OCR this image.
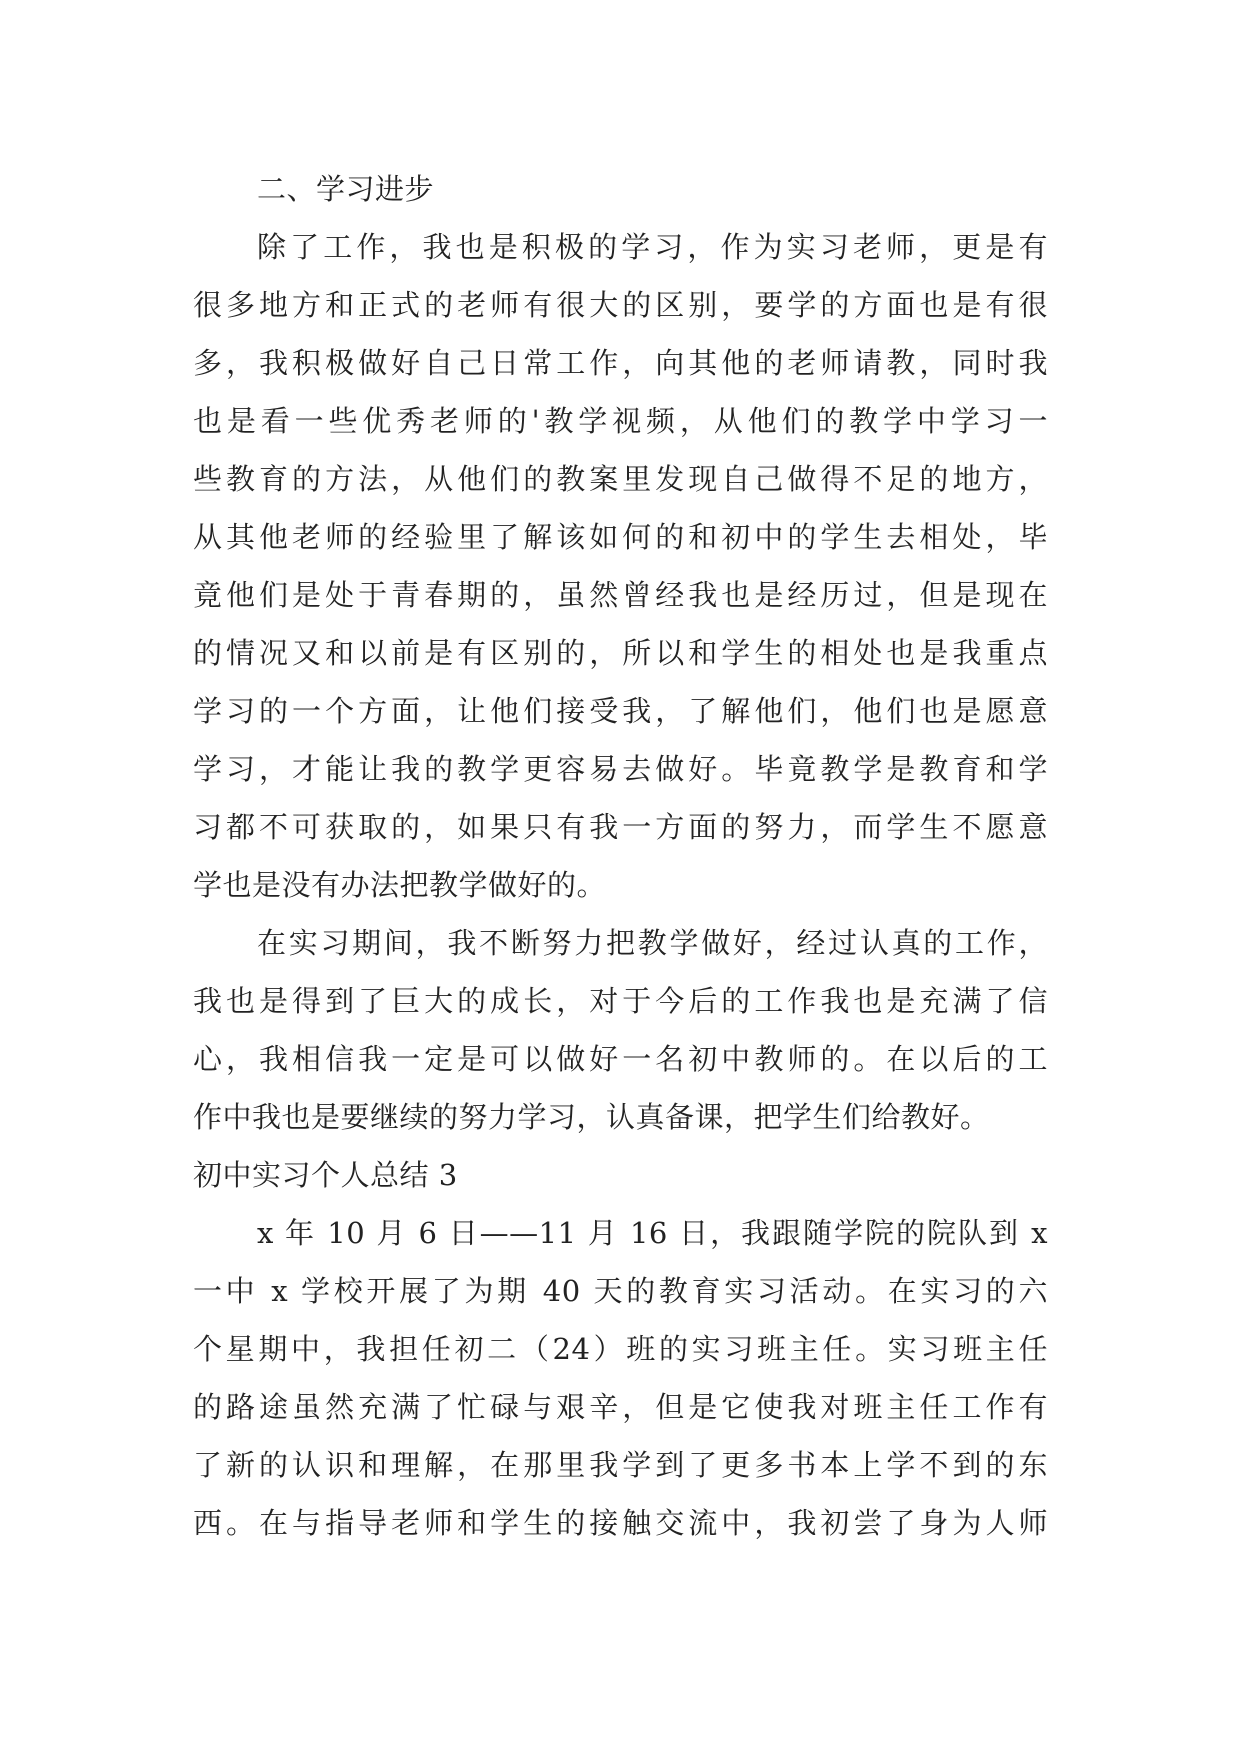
二、学习进步
除了工作，我也是积极的学习，作为实习老师，更是有
很多地方和正式的老师有很大的区别，要学的方面也是有很
多，我积极做好自己日常工作，向其他的老师请教，同时我
也是看一些优秀老师的'教学视频，从他们的教学中学习一
些教育的方法，从他们的教案里发现自己做得不足的地方，
从其他老师的经验里了解该如何的和初中的学生去相处，毕
竟他们是处于青春期的，虽然曾经我也是经历过，但是现在
的情况又和以前是有区别的，所以和学生的相处也是我重点
学习的一个方面，让他们接受我，了解他们，他们也是愿意
学习，才能让我的教学更容易去做好。毕竟教学是教育和学
习都不可获取的，如果只有我一方面的努力，而学生不愿意
学也是没有办法把教学做好的。
在实习期间，我不断努力把教学做好，经过认真的工作，
我也是得到了巨大的成长，对于今后的工作我也是充满了信
心，我相信我一定是可以做好一名初中教师的。在以后的工
作中我也是要继续的努力学习，认真备课，把学生们给教好。
初中实习个人总结 3
x 年 10 月 6 日——11 月 16 日，我跟随学院的院队到 x
一中 x 学校开展了为期 40 天的教育实习活动。在实习的六
个星期中，我担任初二（24）班的实习班主任。实习班主任
的路途虽然充满了忙碌与艰辛，但是它使我对班主任工作有
了新的认识和理解，在那里我学到了更多书本上学不到的东
西。在与指导老师和学生的接触交流中，我初尝了身为人师
